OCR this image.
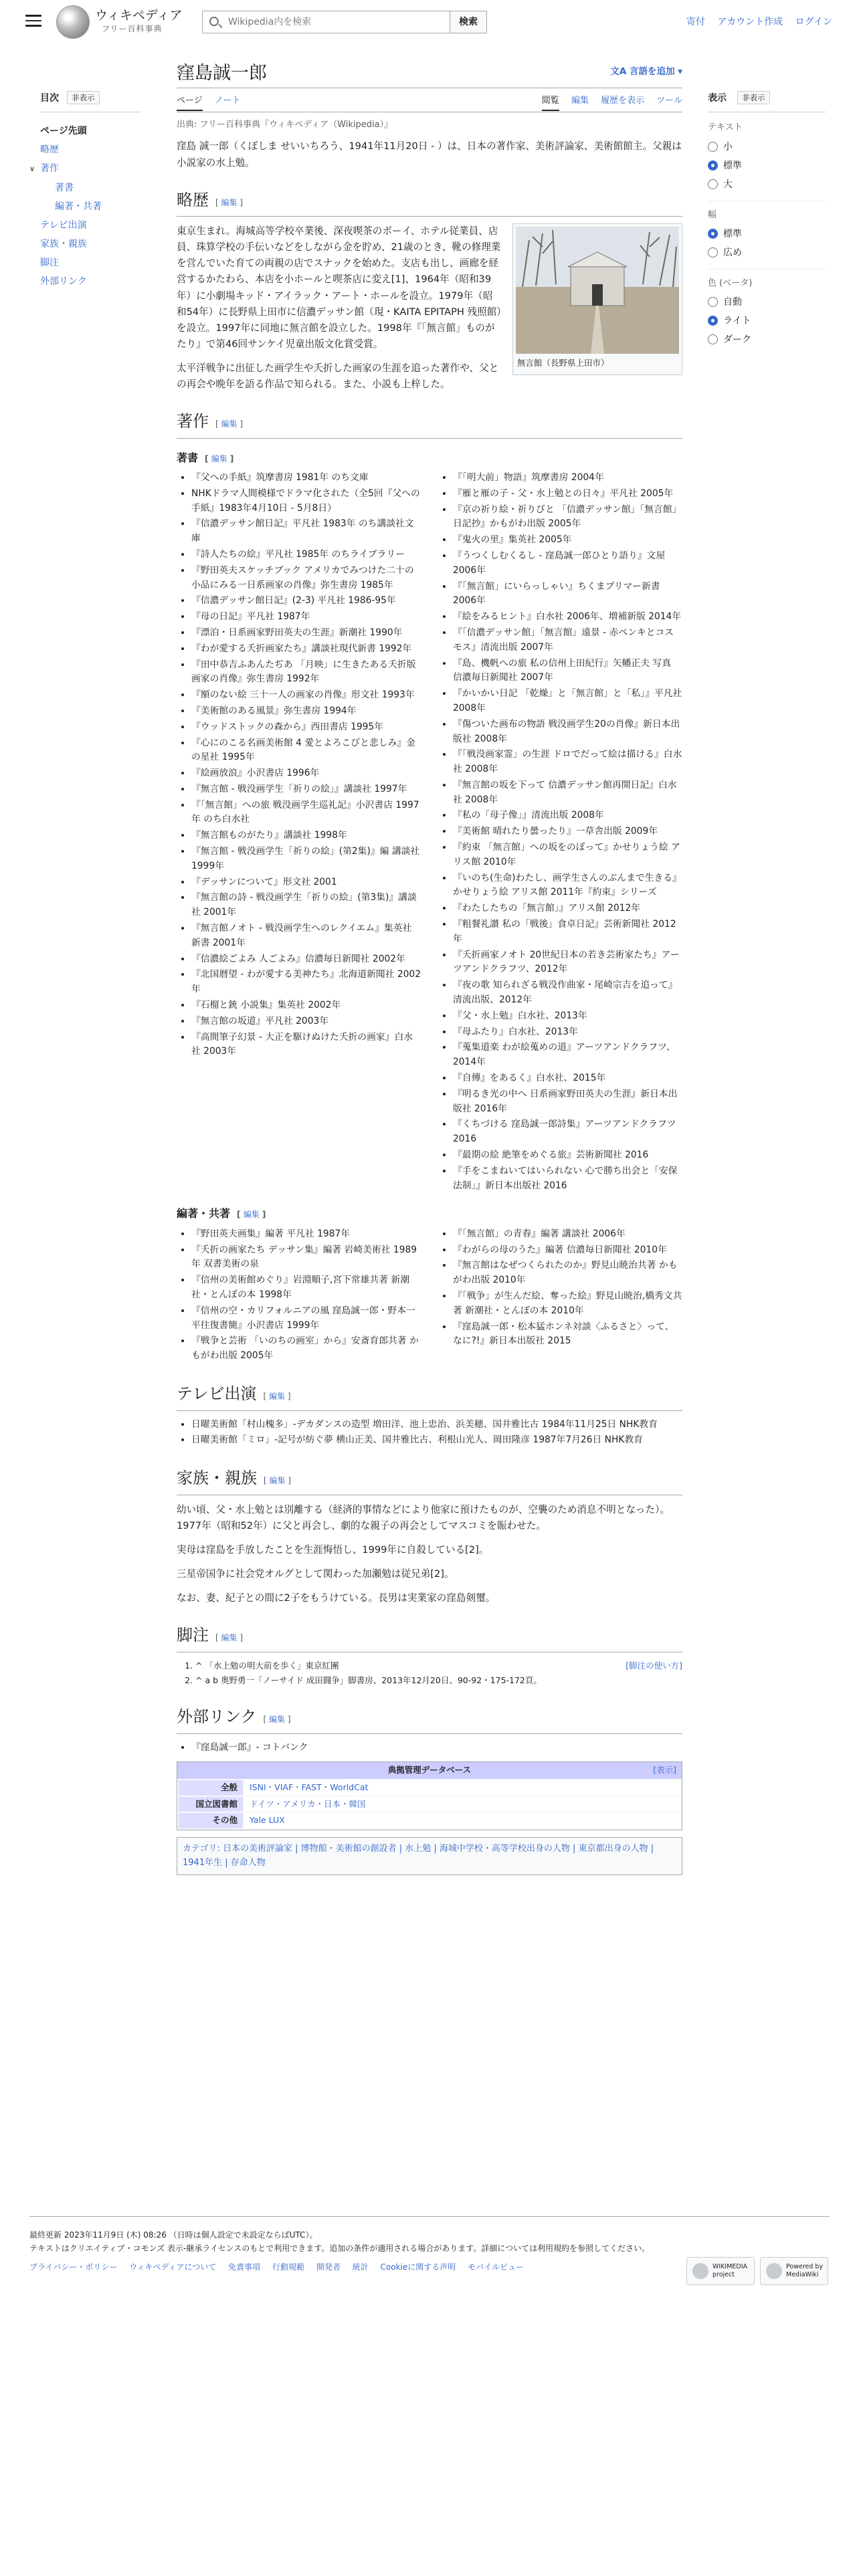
ウィキペディア
フリー百科事典
Wikipedia内を検索
検索	寄付 アカウント作成 ログイン
目次	非表示
ページ先頭
略歴
∨ 著作
著書
編著・共著
テレビ出演
家族・親族
脚注
外部リンク
表示	非表示
テキスト
小
標準
大
幅
標準
広め
色 (ベータ)
自動
ライト
ダーク
窪島誠一郎	文A 言語を追加 ▾
ページ ノート	閲覧 編集 履歴を表示 ツール
出典: フリー百科事典『ウィキペディア（Wikipedia）』

窪島 誠一郎（くぼしま せいいちろう、1941年11月20日 - ）は、日本の著作家、美術評論家、美術館館主。父親は小説家の水上勉。

略歴 [ 編集 ]
無言館（長野県上田市）

東京生まれ。海城高等学校卒業後、深夜喫茶のボーイ、ホテル従業員、店員、珠算学校の手伝いなどをしながら金を貯め、21歳のとき、靴の修理業を営んでいた育ての両親の店でスナックを始めた。支店も出し、画廊を経営するかたわら、本店を小ホールと喫茶店に変え[1]、1964年（昭和39年）に小劇場キッド・アイラック・アート・ホールを設立。1979年（昭和54年）に長野県上田市に信濃デッサン館（現・KAITA EPITAPH 残照館）を設立。1997年に同地に無言館を設立した。1998年『「無言館」ものがたり』で第46回サンケイ児童出版文化賞受賞。

太平洋戦争に出征した画学生や夭折した画家の生涯を追った著作や、父との再会や晩年を語る作品で知られる。また、小説も上梓した。

著作 [ 編集 ]
著書 [ 編集 ]
• 『父への手紙』筑摩書房 1981年 のち文庫
• NHKドラマ人間模様でドラマ化された（全5回『父への手紙』1983年4月10日 - 5月8日）
• 『信濃デッサン館日記』平凡社 1983年 のち講談社文庫
• 『詩人たちの絵』平凡社 1985年 のちライブラリー
• 『野田英夫スケッチブック アメリカでみつけた二十の小品にみる一日系画家の肖像』弥生書房 1985年
• 『信濃デッサン館日記』(2-3) 平凡社 1986-95年
• 『母の日記』平凡社 1987年
• 『漂泊・日系画家野田英夫の生涯』新潮社 1990年
• 『わが愛する夭折画家たち』講談社現代新書 1992年
• 『田中恭吉ふあんたぢあ 「月映」に生きたある夭折版画家の肖像』弥生書房 1992年
• 『額のない絵 三十一人の画家の肖像』形文社 1993年
• 『美術館のある風景』弥生書房 1994年
• 『ウッドストックの森から』西田書店 1995年
• 『心にのこる名画美術館 4 愛とよろこびと悲しみ』金の星社 1995年
• 『絵画放浪』小沢書店 1996年
• 『無言館 - 戦没画学生「祈りの絵」』講談社 1997年
• 『「無言館」への旅 戦没画学生巡礼記』小沢書店 1997年 のち白水社
• 『無言館ものがたり』講談社 1998年
• 『無言館 - 戦没画学生「祈りの絵」(第2集)』編 講談社 1999年
• 『デッサンについて』形文社 2001
• 『無言館の詩 - 戦没画学生「祈りの絵」(第3集)』講談社 2001年
• 『無言館ノオト - 戦没画学生へのレクイエム』集英社新書 2001年
• 『信濃絵ごよみ 人ごよみ』信濃毎日新聞社 2002年
• 『北国暦望 - わが愛する美神たち』北海道新聞社 2002年
• 『石榴と銃 小説集』集英社 2002年
• 『無言館の坂道』平凡社 2003年
• 『高間筆子幻景 - 大正を駆けぬけた夭折の画家』白水社 2003年
• 『「明大前」物語』筑摩書房 2004年
• 『雁と雁の子 - 父・水上勉との日々』平凡社 2005年
• 『京の祈り絵・祈りびと 「信濃デッサン館」「無言館」日記抄』かもがわ出版 2005年
• 『鬼火の里』集英社 2005年
• 『うつくしむくるし - 窪島誠一郎ひとり語り』文屋 2006年
• 『「無言館」にいらっしゃい』ちくまプリマー新書 2006年
• 『絵をみるヒント』白水社 2006年、増補新版 2014年
• 『「信濃デッサン館」「無言館」遠景 - 赤ペンキとコスモス』清流出版 2007年
• 『島、機帆への旅 私の信州上田紀行』矢幡正夫 写真 信濃毎日新聞社 2007年
• 『かいかい日記 「乾燥」と「無言館」と「私」』平凡社 2008年
• 『傷ついた画布の物語 戦没画学生20の肖像』新日本出版社 2008年
• 『「戦没画家霊」の生涯 ドロでだって絵は描ける』白水社 2008年
• 『無言館の坂を下って 信濃デッサン館再開日記』白水社 2008年
• 『私の「母子像」』清流出版 2008年
• 『美術館 晴れたり曇ったり』一草舎出版 2009年
• 『約束 「無言館」への坂をのぼって』かせりょう絵 アリス館 2010年
• 『いのち(生命)わたし、画学生さんのぶんまで生きる』かせりょう絵 アリス館 2011年『約束』シリーズ
• 『わたしたちの「無言館」』アリス館 2012年
• 『粗餐礼讃 私の「戦後」食卓日記』芸術新聞社 2012年
• 『夭折画家ノオト 20世紀日本の若き芸術家たち』アーツアンドクラフツ、2012年
• 『夜の歌 知られざる戦没作曲家・尾崎宗吉を追って』清流出版、2012年
• 『父・水上勉』白水社、2013年
• 『母ふたり』白水社、2013年
• 『蒐集道楽 わが絵蒐めの道』アーツアンドクラフツ、2014年
• 『自傳』をあるく』白水社、2015年
• 『明るき光の中へ 日系画家野田英夫の生涯』新日本出版社 2016年
• 『くちづける 窪島誠一郎詩集』アーツアンドクラフツ 2016
• 『最期の絵 絶筆をめぐる旅』芸術新聞社 2016
• 『手をこまねいてはいられない 心で勝ち出会と「安保法制」』新日本出版社 2016
編著・共著 [ 編集 ]
• 『野田英夫画集』編著 平凡社 1987年
• 『夭折の画家たち デッサン集』編著 岩崎美術社 1989年 双書美術の泉
• 『信州の美術館めぐり』岩淵順子,宮下常雄共著 新潮社・とんぼの本 1998年
• 『信州の空・カリフォルニアの風 窪島誠一郎・野本一平往復書簡』小沢書店 1999年
• 『戦争と芸術 「いのちの画室」から』安斎育郎共著 かもがわ出版 2005年
• 『「無言館」の青春』編著 講談社 2006年
• 『わがらの母のうた』編著 信濃毎日新聞社 2010年
• 『無言館はなぜつくられたのか』野見山暁治共著 かもがわ出版 2010年
• 『「戦争」が生んだ絵、奪った絵』野見山暁治,橋秀文共著 新潮社・とんぼの本 2010年
• 『窪島誠一郎・松本猛ホンネ対談〈ふるさと〉って、なに?!』新日本出版社 2015
テレビ出演 [ 編集 ]
• 日曜美術館「村山槐多」-デカダンスの造型 増田洋、池上忠治、浜美穂、国井雅比古 1984年11月25日 NHK教育
• 日曜美術館「ミロ」-記号が紡ぐ夢 横山正美、国井雅比古、利根山光人、岡田隆彦 1987年7月26日 NHK教育
家族・親族 [ 編集 ]

幼い頃、父・水上勉とは別離する（経済的事情などにより他家に預けたものが、空襲のため消息不明となった）。1977年（昭和52年）に父と再会し、劇的な親子の再会としてマスコミを賑わせた。

実母は窪島を手放したことを生涯悔悟し、1999年に自殺している[2]。

三星帝国争に社会党オルグとして関わった加瀬勉は従兄弟[2]。

なお、妻、紀子との間に2子をもうけている。長男は実業家の窪島剣璽。

脚注 [ 編集 ]
[脚注の使い方]
1. ^ 「水上勉の明大前を歩く」東京紅團
2. ^ a b 奥野勇一「ノーサイド 成田闘争」脚書房、2013年12月20日、90-92・175-172頁。
外部リンク [ 編集 ]
• 『窪島誠一郎』- コトバンク
典拠管理データベース	[表示]
全般	ISNI・VIAF・FAST・WorldCat
国立図書館	ドイツ・アメリカ・日本・韓国
その他	Yale LUX
カテゴリ: 日本の美術評論家 | 博物館・美術館の創設者 | 水上勉 | 海城中学校・高等学校出身の人物 | 東京都出身の人物 | 1941年生 | 存命人物
最終更新 2023年11月9日 (木) 08:26 （日時は個人設定で未設定ならばUTC）。
テキストはクリエイティブ・コモンズ 表示-継承ライセンスのもとで利用できます。追加の条件が適用される場合があります。詳細については利用規約を参照してください。
プライバシー・ポリシー ウィキペディアについて 免責事項 行動規範 開発者 統計 Cookieに関する声明 モバイルビュー	WIKIMEDIA project
Powered by MediaWiki
